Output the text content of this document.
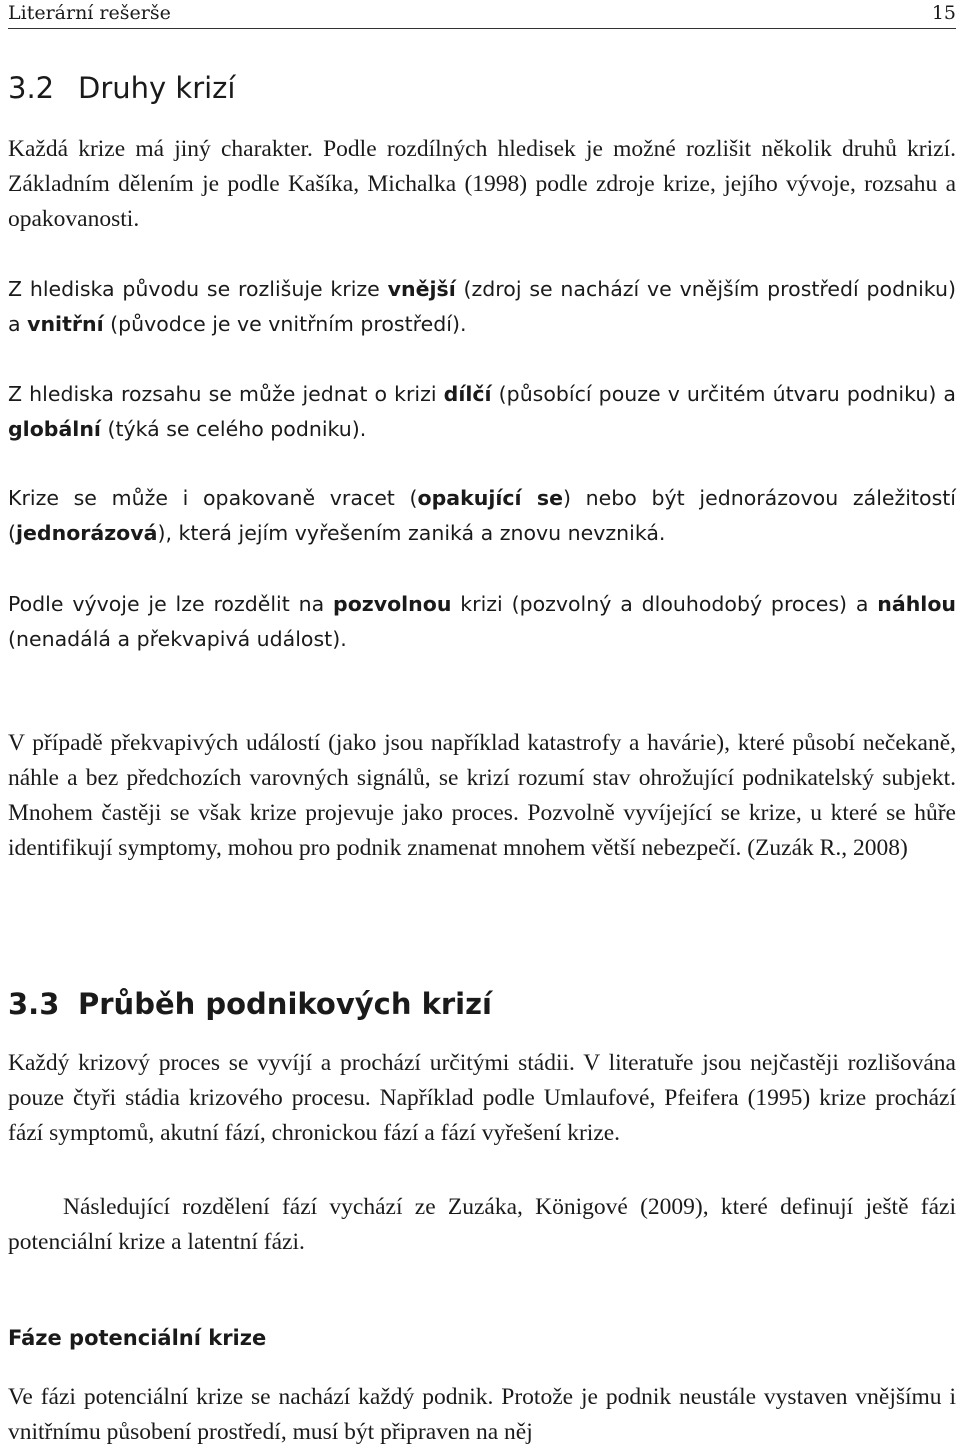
Literární rešerše	15
3.2 Druhy krizí
Každá krize má jiný charakter. Podle rozdílných hledisek je možné rozlišit několik druhů krizí. Základním dělením je podle Kašíka, Michalka (1998) podle zdroje krize, jejího vývoje, rozsahu a opakovanosti.
Z hlediska původu se rozlišuje krize vnější (zdroj se nachází ve vnějším prostředí podniku) a vnitřní (původce je ve vnitřním prostředí).
Z hlediska rozsahu se může jednat o krizi dílčí (působící pouze v určitém útvaru podniku) a globální (týká se celého podniku).
Krize se může i opakovaně vracet (opakující se) nebo být jednorázovou záležitostí (jednorázová), která jejím vyřešením zaniká a znovu nevzniká.
Podle vývoje je lze rozdělit na pozvolnou krizi (pozvolný a dlouhodobý proces) a náhlou (nenadálá a překvapivá událost).
V případě překvapivých událostí (jako jsou například katastrofy a havárie), které působí nečekaně, náhle a bez předchozích varovných signálů, se krizí rozumí stav ohrožující podnikatelský subjekt. Mnohem častěji se však krize projevuje jako proces. Pozvolně vyvíjející se krize, u které se hůře identifikují symptomy, mohou pro podnik znamenat mnohem větší nebezpečí. (Zuzák R., 2008)
3.3 Průběh podnikových krizí
Každý krizový proces se vyvíjí a prochází určitými stádii. V literatuře jsou nejčastěji rozlišována pouze čtyři stádia krizového procesu. Například podle Umlaufové, Pfeifera (1995) krize prochází fází symptomů, akutní fází, chronickou fází a fází vyřešení krize.
Následující rozdělení fází vychází ze Zuzáka, Königové (2009), které definují ještě fázi potenciální krize a latentní fázi.
Fáze potenciální krize
Ve fázi potenciální krize se nachází každý podnik. Protože je podnik neustále vystaven vnějšímu i vnitřnímu působení prostředí, musí být připraven na něj
